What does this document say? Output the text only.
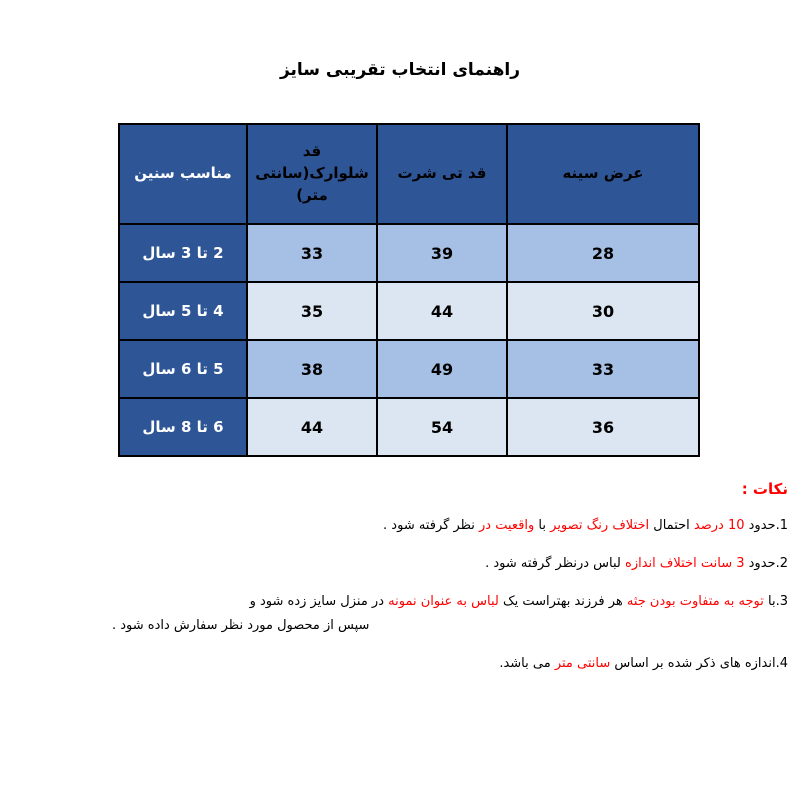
راهنمای انتخاب تقریبی سایز
عرض سینه	قد تی شرت	قد شلوارک(سانتی متر)	مناسب سنین
28	39	33	2 تا 3 سال
30	44	35	4 تا 5 سال
33	49	38	5 تا 6 سال
36	54	44	6 تا 8 سال
نکات :
1.حدود 10 درصد احتمال اختلاف رنگ تصویر با واقعیت در نظر گرفته شود .
2.حدود 3 سانت اختلاف اندازه لباس درنظر گرفته شود .
3.با توجه به متفاوت بودن جثه هر فرزند بهتراست یک لباس به عنوان نمونه در منزل سایز زده شود و
سپس از محصول مورد نظر سفارش داده شود .
4.اندازه های ذکر شده بر اساس سانتی متر می باشد.
